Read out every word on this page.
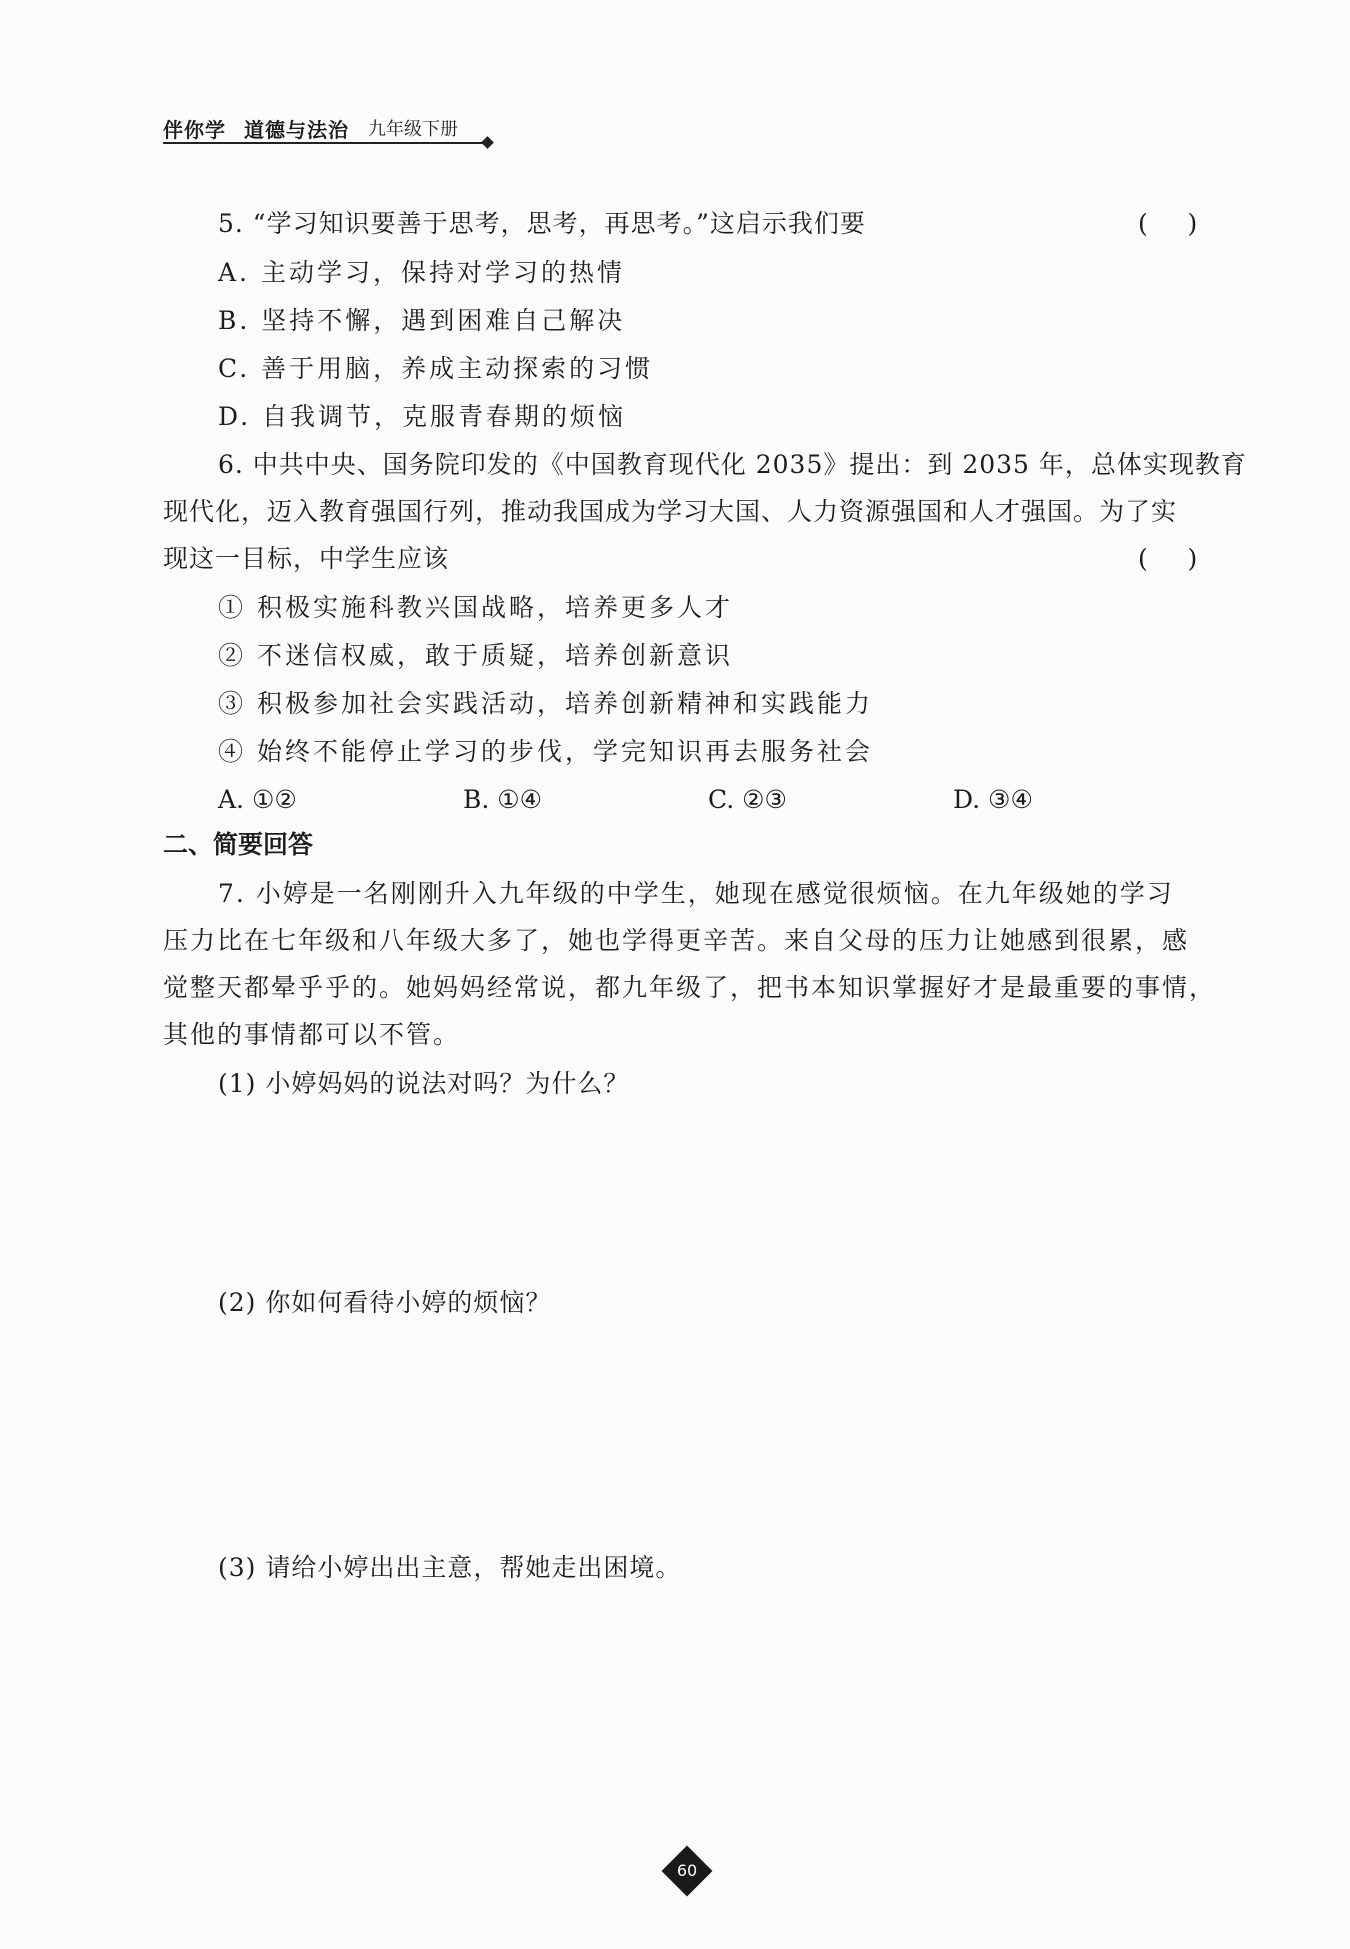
伴你学 道德与法治	九年级下册
5. “学习知识要善于思考，思考，再思考。”这启示我们要	(     )
A. 主动学习，保持对学习的热情
B. 坚持不懈，遇到困难自己解决
C. 善于用脑，养成主动探索的习惯
D. 自我调节，克服青春期的烦恼
6. 中共中央、国务院印发的《中国教育现代化 2035》提出：到 2035 年，总体实现教育
现代化，迈入教育强国行列，推动我国成为学习大国、人力资源强国和人才强国。为了实
现这一目标，中学生应该	(     )
① 积极实施科教兴国战略，培养更多人才
② 不迷信权威，敢于质疑，培养创新意识
③ 积极参加社会实践活动，培养创新精神和实践能力
④ 始终不能停止学习的步伐，学完知识再去服务社会
A. ①②	B. ①④	C. ②③	D. ③④
二、简要回答
7. 小婷是一名刚刚升入九年级的中学生，她现在感觉很烦恼。在九年级她的学习
压力比在七年级和八年级大多了，她也学得更辛苦。来自父母的压力让她感到很累，感
觉整天都晕乎乎的。她妈妈经常说，都九年级了，把书本知识掌握好才是最重要的事情，
其他的事情都可以不管。
(1) 小婷妈妈的说法对吗？为什么？
(2) 你如何看待小婷的烦恼？
(3) 请给小婷出出主意，帮她走出困境。
60
